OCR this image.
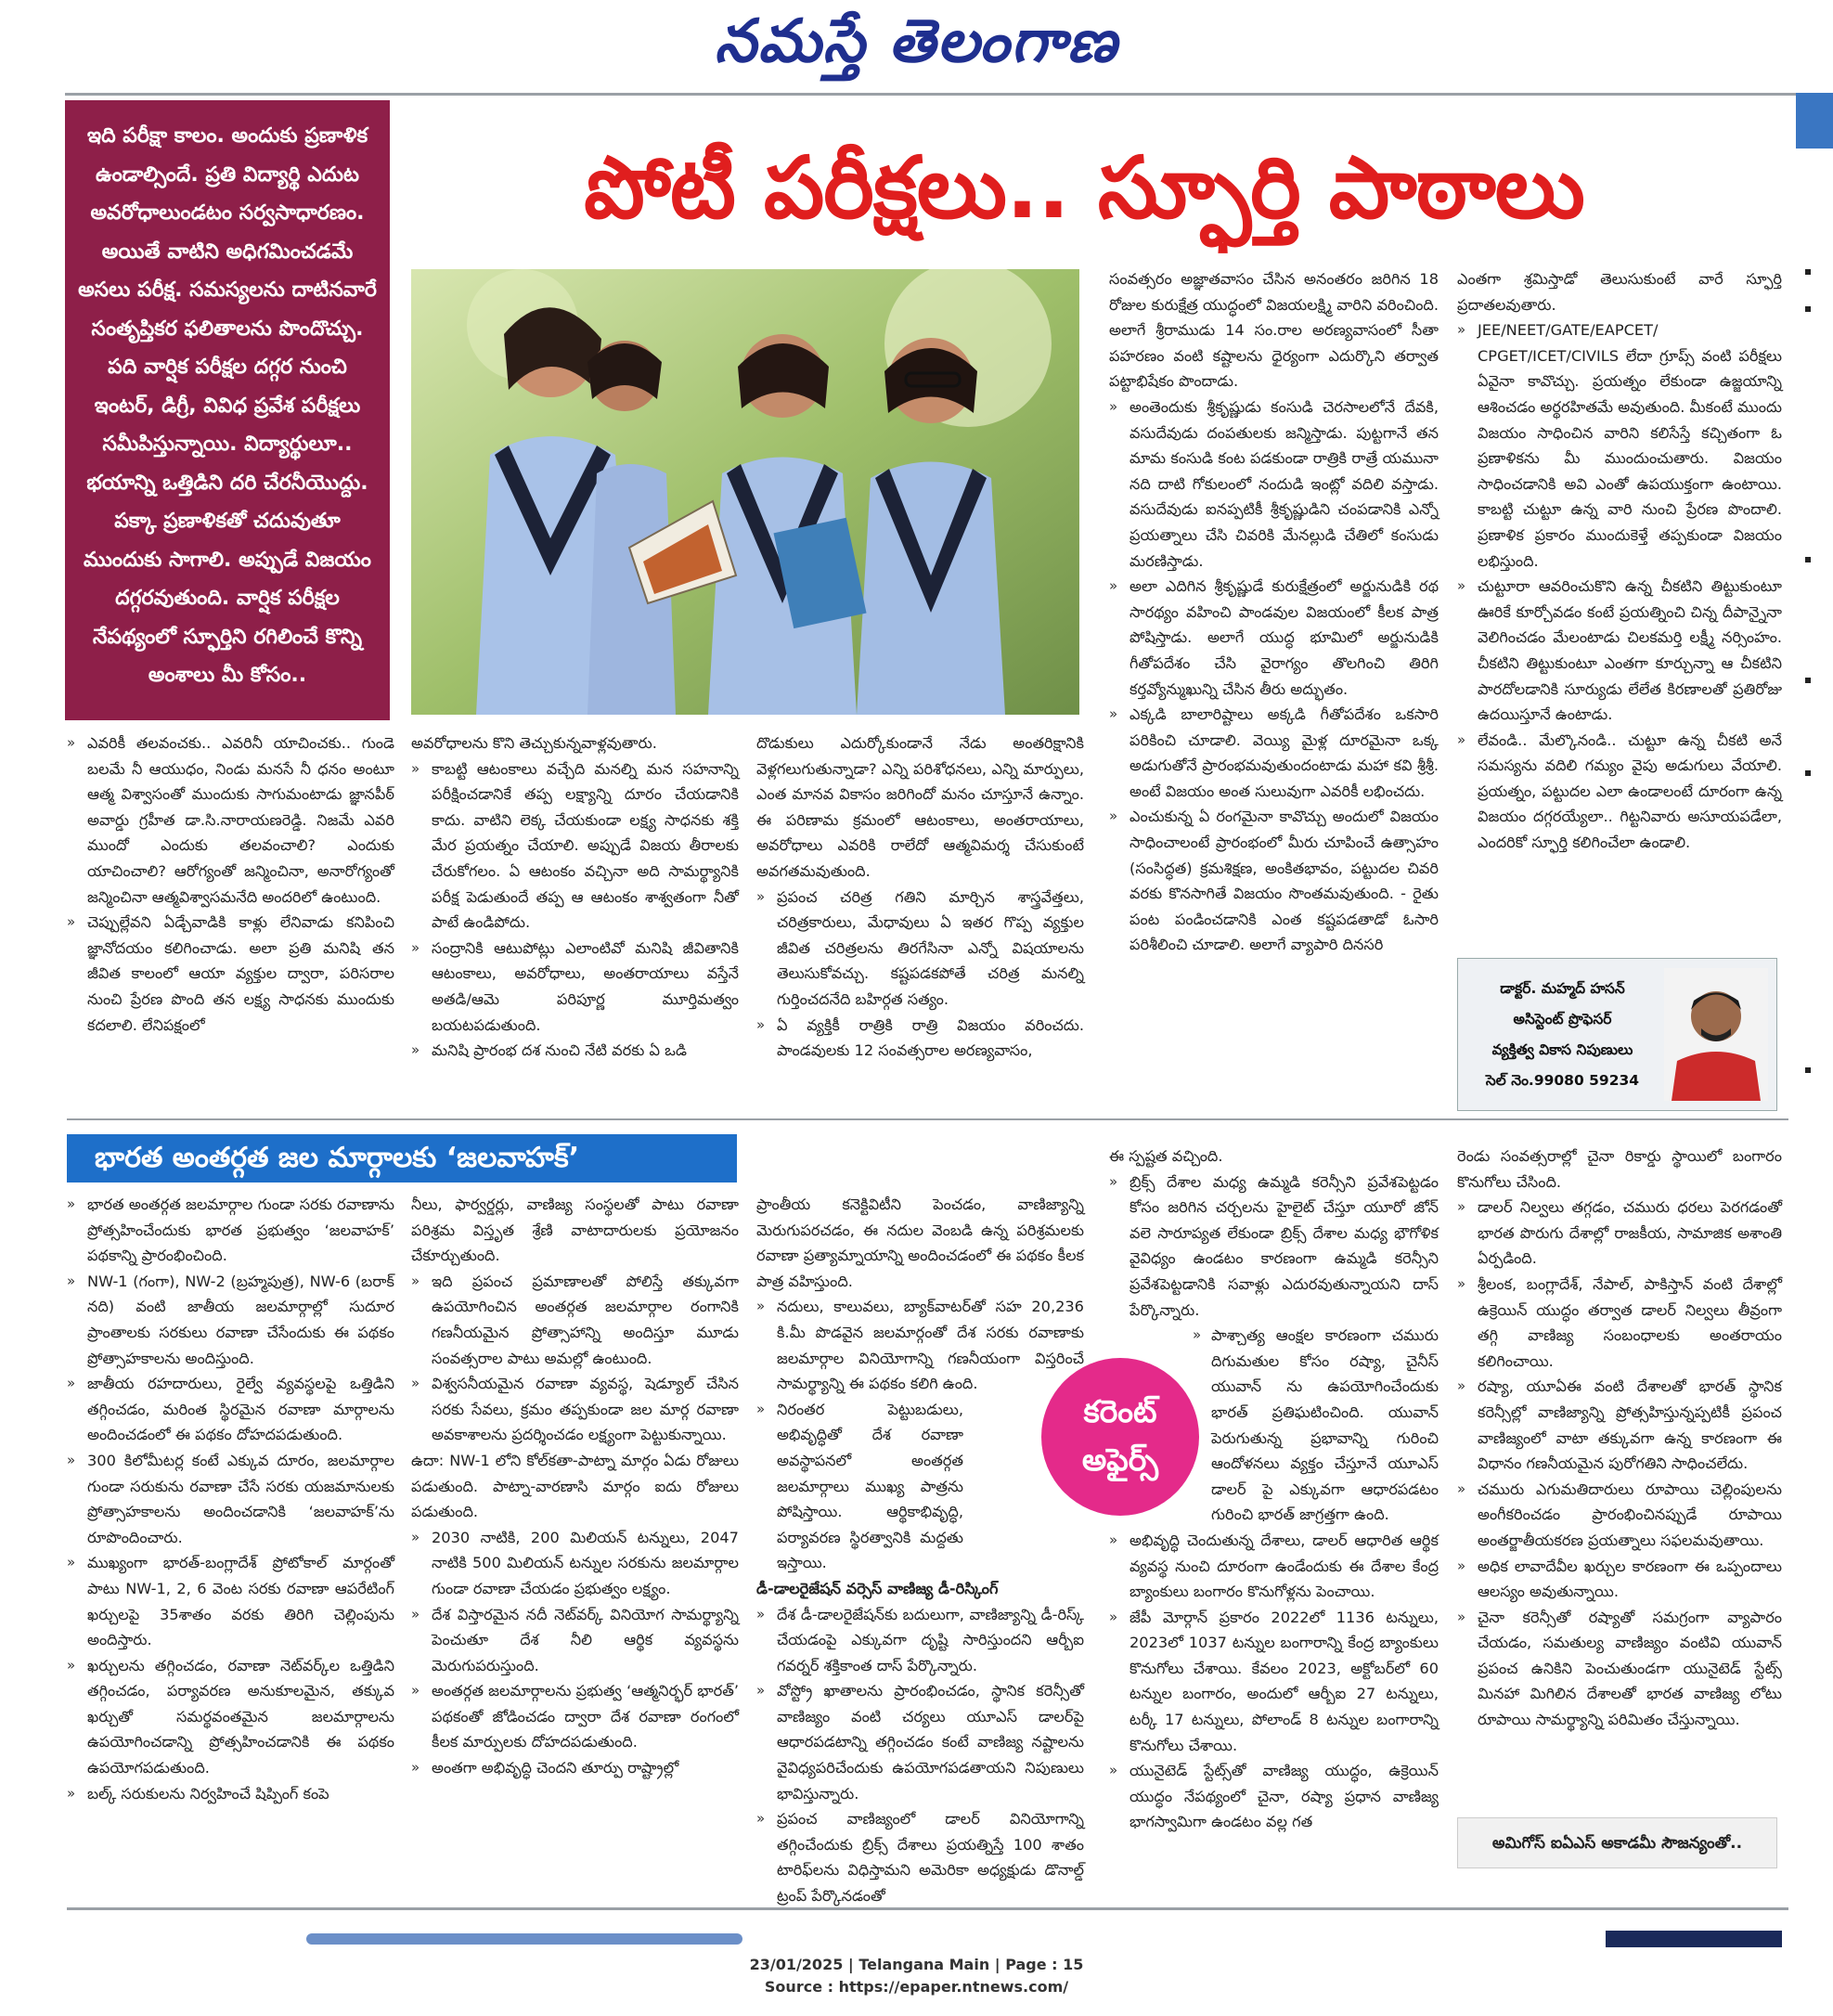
నమస్తే తెలంగాణ
ఇది పరీక్షా కాలం. అందుకు ప్రణాళిక ఉండాల్సిందే. ప్రతి విద్యార్థి ఎదుట అవరోధాలుండటం సర్వసాధారణం. అయితే వాటిని అధిగమించడమే అసలు పరీక్ష. సమస్యలను దాటినవారే సంతృప్తికర ఫలితాలను పొందొచ్చు. పది వార్షిక పరీక్షల దగ్గర నుంచి ఇంటర్, డిగ్రీ, వివిధ ప్రవేశ పరీక్షలు సమీపిస్తున్నాయి. విద్యార్థులూ.. భయాన్ని ఒత్తిడిని దరి చేరనీయొద్దు. పక్కా ప్రణాళికతో చదువుతూ ముందుకు సాగాలి. అప్పుడే విజయం దగ్గరవుతుంది. వార్షిక పరీక్షల నేపథ్యంలో స్ఫూర్తిని రగిలించే కొన్ని అంశాలు మీ కోసం..
పోటీ పరీక్షలు.. స్ఫూర్తి పాఠాలు
» ఎవరికీ తలవంచకు.. ఎవరినీ యాచించకు.. గుండె బలమే నీ ఆయుధం, నిండు మనసే నీ ధనం అంటూ ఆత్మ విశ్వాసంతో ముందుకు సాగుమంటాడు జ్ఞానపీఠ్ అవార్డు గ్రహీత డా.సి.నారాయణరెడ్డి. నిజమే ఎవరి ముందో ఎందుకు తలవంచాలి? ఎందుకు యాచించాలి? ఆరోగ్యంతో జన్మించినా, అనారోగ్యంతో జన్మించినా ఆత్మవిశ్వాసమనేది అందరిలో ఉంటుంది.
» చెప్పుల్లేవని ఏడ్చేవాడికి కాళ్లు లేనివాడు కనిపించి జ్ఞానోదయం కలిగించాడు. అలా ప్రతి మనిషి తన జీవిత కాలంలో ఆయా వ్యక్తుల ద్వారా, పరిసరాల నుంచి ప్రేరణ పొంది తన లక్ష్య సాధనకు ముందుకు కదలాలి. లేనిపక్షంలో

అవరోధాలను కొని తెచ్చుకున్నవాళ్లవుతారు.

» కాబట్టి ఆటంకాలు వచ్చేది మనల్ని మన సహనాన్ని పరీక్షించడానికే తప్ప లక్ష్యాన్ని దూరం చేయడానికి కాదు. వాటిని లెక్క చేయకుండా లక్ష్య సాధనకు శక్తి మేర ప్రయత్నం చేయాలి. అప్పుడే విజయ తీరాలకు చేరుకోగలం. ఏ ఆటంకం వచ్చినా అది సామర్థ్యానికి పరీక్ష పెడుతుందే తప్ప ఆ ఆటంకం శాశ్వతంగా నీతో పాటే ఉండిపోదు.
» సంద్రానికి ఆటుపోట్లు ఎలాంటివో మనిషి జీవితానికి ఆటంకాలు, అవరోధాలు, అంతరాయాలు వస్తేనే అతడి/ఆమె పరిపూర్ణ మూర్తిమత్వం బయటపడుతుంది.
» మనిషి ప్రారంభ దశ నుంచి నేటి వరకు ఏ ఒడి

దొడుకులు ఎదుర్కోకుండానే నేడు అంతరిక్షానికి వెళ్లగలుగుతున్నాడా? ఎన్ని పరిశోధనలు, ఎన్ని మార్పులు, ఎంత మానవ వికాసం జరిగిందో మనం చూస్తూనే ఉన్నాం. ఈ పరిణామ క్రమంలో ఆటంకాలు, అంతరాయాలు, అవరోధాలు ఎవరికి రాలేదో ఆత్మవిమర్శ చేసుకుంటే అవగతమవుతుంది.

» ప్రపంచ చరిత్ర గతిని మార్చిన శాస్త్రవేత్తలు, చరిత్రకారులు, మేధావులు ఏ ఇతర గొప్ప వ్యక్తుల జీవిత చరిత్రలను తిరగేసినా ఎన్నో విషయాలను తెలుసుకోవచ్చు. కష్టపడకపోతే చరిత్ర మనల్ని గుర్తించదనేది బహిర్గత సత్యం.
» ఏ వ్యక్తికీ రాత్రికి రాత్రి విజయం వరించదు. పాండవులకు 12 సంవత్సరాల అరణ్యవాసం,

సంవత్సరం అజ్ఞాతవాసం చేసిన అనంతరం జరిగిన 18 రోజుల కురుక్షేత్ర యుద్ధంలో విజయలక్ష్మి వారిని వరించింది. అలాగే శ్రీరాముడు 14 సం.రాల అరణ్యవాసంలో సీతా పహరణం వంటి కష్టాలను ధైర్యంగా ఎదుర్కొని తర్వాత పట్టాభిషేకం పొందాడు.

» అంతెందుకు శ్రీకృష్ణుడు కంసుడి చెరసాలలోనే దేవకి, వసుదేవుడు దంపతులకు జన్మిస్తాడు. పుట్టగానే తన మామ కంసుడి కంట పడకుండా రాత్రికి రాత్రే యమునా నది దాటి గోకులంలో నందుడి ఇంట్లో వదిలి వస్తాడు. వసుదేవుడు ఐనప్పటికీ శ్రీకృష్ణుడిని చంపడానికి ఎన్నో ప్రయత్నాలు చేసి చివరికి మేనల్లుడి చేతిలో కంసుడు మరణిస్తాడు.
» అలా ఎదిగిన శ్రీకృష్ణుడే కురుక్షేత్రంలో అర్జునుడికి రథ సారథ్యం వహించి పాండవుల విజయంలో కీలక పాత్ర పోషిస్తాడు. అలాగే యుద్ధ భూమిలో అర్జునుడికి గీతోపదేశం చేసి వైరాగ్యం తొలగించి తిరిగి కర్తవ్యోన్ముఖున్ని చేసిన తీరు అద్భుతం.
» ఎక్కడి బాలారిష్టాలు అక్కడి గీతోపదేశం ఒకసారి పరికించి చూడాలి. వెయ్యి మైళ్ల దూరమైనా ఒక్క అడుగుతోనే ప్రారంభమవుతుందంటాడు మహా కవి శ్రీశ్రీ. అంటే విజయం అంత సులువుగా ఎవరికీ లభించదు.
» ఎంచుకున్న ఏ రంగమైనా కావొచ్చు అందులో విజయం సాధించాలంటే ప్రారంభంలో మీరు చూపించే ఉత్సాహం (సంసిద్ధత) క్రమశిక్షణ, అంకితభావం, పట్టుదల చివరి వరకు కొనసాగితే విజయం సొంతమవుతుంది. - రైతు పంట పండించడానికి ఎంత కష్టపడతాడో ఓసారి పరిశీలించి చూడాలి. అలాగే వ్యాపారి దినసరి

ఎంతగా శ్రమిస్తాడో తెలుసుకుంటే వారే స్ఫూర్తి ప్రదాతలవుతారు.

» JEE/NEET/GATE/EAPCET/ CPGET/ICET/CIVILS లేదా గ్రూప్స్ వంటి పరీక్షలు ఏవైనా కావొచ్చు. ప్రయత్నం లేకుండా ఉజ్జయాన్ని ఆశించడం అర్థరహితమే అవుతుంది. మీకంటే ముందు విజయం సాధించిన వారిని కలిసేస్తే కచ్చితంగా ఓ ప్రణాళికను మీ ముందుంచుతారు. విజయం సాధించడానికి అవి ఎంతో ఉపయుక్తంగా ఉంటాయి. కాబట్టి చుట్టూ ఉన్న వారి నుంచి ప్రేరణ పొందాలి. ప్రణాళిక ప్రకారం ముందుకెళ్తే తప్పకుండా విజయం లభిస్తుంది.
» చుట్టూరా ఆవరించుకొని ఉన్న చీకటిని తిట్టుకుంటూ ఊరికే కూర్చోవడం కంటే ప్రయత్నించి చిన్న దీపాన్నైనా వెలిగించడం మేలంటాడు చిలకమర్తి లక్ష్మీ నర్సింహం. చీకటిని తిట్టుకుంటూ ఎంతగా కూర్చున్నా ఆ చీకటిని పారదోలడానికి సూర్యుడు లేలేత కిరణాలతో ప్రతిరోజు ఉదయిస్తూనే ఉంటాడు.
» లేవండి.. మేల్కొనండి.. చుట్టూ ఉన్న చీకటి అనే సమస్యను వదిలి గమ్యం వైపు అడుగులు వేయాలి. ప్రయత్నం, పట్టుదల ఎలా ఉండాలంటే దూరంగా ఉన్న విజయం దగ్గరయ్యేలా.. గిట్టనివారు అసూయపడేలా, ఎందరికో స్ఫూర్తి కలిగించేలా ఉండాలి.
డాక్టర్. మహ్మద్ హసన్
అసిస్టెంట్ ప్రొఫెసర్
వ్యక్తిత్వ వికాస నిపుణులు
సెల్ నెం.99080 59234
భారత అంతర్గత జల మార్గాలకు ‘జలవాహక్’
కరెంట్
అఫైర్స్
» భారత అంతర్గత జలమార్గాల గుండా సరకు రవాణాను ప్రోత్సహించేందుకు భారత ప్రభుత్వం ‘జలవాహక్’ పథకాన్ని ప్రారంభించింది.
» NW-1 (గంగా), NW-2 (బ్రహ్మపుత్ర), NW-6 (బరాక్ నది) వంటి జాతీయ జలమార్గాల్లో సుదూర ప్రాంతాలకు సరకులు రవాణా చేసేందుకు ఈ పథకం ప్రోత్సాహకాలను అందిస్తుంది.
» జాతీయ రహదారులు, రైల్వే వ్యవస్థలపై ఒత్తిడిని తగ్గించడం, మరింత స్థిరమైన రవాణా మార్గాలను అందించడంలో ఈ పథకం దోహదపడుతుంది.
» 300 కిలోమీటర్ల కంటే ఎక్కువ దూరం, జలమార్గాల గుండా సరుకును రవాణా చేసే సరకు యజమానులకు ప్రోత్సాహకాలను అందించడానికి ‘జలవాహక్’ను రూపొందించారు.
» ముఖ్యంగా భారత్-బంగ్లాదేశ్ ప్రోటోకాల్ మార్గంతో పాటు NW-1, 2, 6 వెంట సరకు రవాణా ఆపరేటింగ్ ఖర్చులపై 35శాతం వరకు తిరిగి చెల్లింపును అందిస్తారు.
» ఖర్చులను తగ్గించడం, రవాణా నెట్‌వర్క్‌ల ఒత్తిడిని తగ్గించడం, పర్యావరణ అనుకూలమైన, తక్కువ ఖర్చుతో సమర్థవంతమైన జలమార్గాలను ఉపయోగించడాన్ని ప్రోత్సహించడానికి ఈ పథకం ఉపయోగపడుతుంది.
» బల్క్ సరుకులను నిర్వహించే షిప్పింగ్ కంపె

నీలు, ఫార్వర్డర్లు, వాణిజ్య సంస్థలతో పాటు రవాణా పరిశ్రమ విస్తృత శ్రేణి వాటాదారులకు ప్రయోజనం చేకూర్చుతుంది.

» ఇది ప్రపంచ ప్రమాణాలతో పోలిస్తే తక్కువగా ఉపయోగించిన అంతర్గత జలమార్గాల రంగానికి గణనీయమైన ప్రోత్సాహాన్ని అందిస్తూ మూడు సంవత్సరాల పాటు అమల్లో ఉంటుంది.
» విశ్వసనీయమైన రవాణా వ్యవస్థ, షెడ్యూల్ చేసిన సరకు సేవలు, క్రమం తప్పకుండా జల మార్గ రవాణా అవకాశాలను ప్రదర్శించడం లక్ష్యంగా పెట్టుకున్నాయి.

ఉదా: NW-1 లోని కోల్‌కతా-పాట్నా మార్గం ఏడు రోజులు పడుతుంది. పాట్నా-వారణాసి మార్గం ఐదు రోజులు పడుతుంది.

» 2030 నాటికి, 200 మిలియన్ టన్నులు, 2047 నాటికి 500 మిలియన్ టన్నుల సరకును జలమార్గాల గుండా రవాణా చేయడం ప్రభుత్వం లక్ష్యం.
» దేశ విస్తారమైన నదీ నెట్‌వర్క్ వినియోగ సామర్థ్యాన్ని పెంచుతూ దేశ నీలి ఆర్థిక వ్యవస్థను మెరుగుపరుస్తుంది.
» అంతర్గత జలమార్గాలను ప్రభుత్వ ‘ఆత్మనిర్భర్ భారత్’ పథకంతో జోడించడం ద్వారా దేశ రవాణా రంగంలో కీలక మార్పులకు దోహదపడుతుంది.
» అంతగా అభివృద్ధి చెందని తూర్పు రాష్ట్రాల్లో

ప్రాంతీయ కనెక్టివిటీని పెంచడం, వాణిజ్యాన్ని మెరుగుపరచడం, ఈ నదుల వెంబడి ఉన్న పరిశ్రమలకు రవాణా ప్రత్యామ్నాయాన్ని అందించడంలో ఈ పథకం కీలక పాత్ర వహిస్తుంది.

» నదులు, కాలువలు, బ్యాక్‌వాటర్‌తో సహ 20,236 కి.మీ పొడవైన జలమార్గంతో దేశ సరకు రవాణాకు జలమార్గాల వినియోగాన్ని గణనీయంగా విస్తరించే సామర్థ్యాన్ని ఈ పథకం కలిగి ఉంది.
» నిరంతర పెట్టుబడులు, అభివృద్ధితో దేశ రవాణా అవస్థాపనలో అంతర్గత జలమార్గాలు ముఖ్య పాత్రను పోషిస్తాయి. ఆర్థికాభివృద్ధి, పర్యావరణ స్థిరత్వానికి మద్దతు ఇస్తాయి.

డీ-డాలరైజేషన్ వర్సెస్ వాణిజ్య డీ-రిస్కింగ్

» దేశ డీ-డాలరైజేషన్‌కు బదులుగా, వాణిజ్యాన్ని డీ-రిస్క్ చేయడంపై ఎక్కువగా దృష్టి సారిస్తుందని ఆర్బీఐ గవర్నర్ శక్తికాంత దాస్ పేర్కొన్నారు.
» వోస్ట్రో ఖాతాలను ప్రారంభించడం, స్థానిక కరెన్సీతో వాణిజ్యం వంటి చర్యలు యూఎస్ డాలర్‌పై ఆధారపడటాన్ని తగ్గించడం కంటే వాణిజ్య నష్టాలను వైవిధ్యపరిచేందుకు ఉపయోగపడతాయని నిపుణులు భావిస్తున్నారు.
» ప్రపంచ వాణిజ్యంలో డాలర్ వినియోగాన్ని తగ్గించేందుకు బ్రిక్స్ దేశాలు ప్రయత్నిస్తే 100 శాతం టారిఫ్‌లను విధిస్తామని అమెరికా అధ్యక్షుడు డొనాల్డ్ ట్రంప్ పేర్కొనడంతో

ఈ స్పష్టత వచ్చింది.

» బ్రిక్స్ దేశాల మధ్య ఉమ్మడి కరెన్సీని ప్రవేశపెట్టడం కోసం జరిగిన చర్చలను హైలైట్ చేస్తూ యూరో జోన్ వలె సారూప్యత లేకుండా బ్రిక్స్ దేశాల మధ్య భౌగోళిక వైవిధ్యం ఉండటం కారణంగా ఉమ్మడి కరెన్సీని ప్రవేశపెట్టడానికి సవాళ్లు ఎదురవుతున్నాయని దాస్ పేర్కొన్నారు.
» పాశ్చాత్య ఆంక్షల కారణంగా చమురు దిగుమతుల కోసం రష్యా, చైనీస్ యువాన్ ను ఉపయోగించేందుకు భారత్ ప్రతిఘటించింది. యువాన్ పెరుగుతున్న ప్రభావాన్ని గురించి ఆందోళనలు వ్యక్తం చేస్తూనే యూఎస్ డాలర్ పై ఎక్కువగా ఆధారపడటం గురించి భారత్ జాగ్రత్తగా ఉంది.
» అభివృద్ధి చెందుతున్న దేశాలు, డాలర్ ఆధారిత ఆర్థిక వ్యవస్థ నుంచి దూరంగా ఉండేందుకు ఈ దేశాల కేంద్ర బ్యాంకులు బంగారం కొనుగోళ్లను పెంచాయి.
» జేపీ మోర్గాన్ ప్రకారం 2022లో 1136 టన్నులు, 2023లో 1037 టన్నుల బంగారాన్ని కేంద్ర బ్యాంకులు కొనుగోలు చేశాయి. కేవలం 2023, అక్టోబర్‌లో 60 టన్నుల బంగారం, అందులో ఆర్బీఐ 27 టన్నులు, టర్కీ 17 టన్నులు, పోలాండ్ 8 టన్నుల బంగారాన్ని కొనుగోలు చేశాయి.
» యునైటెడ్ స్టేట్స్‌తో వాణిజ్య యుద్ధం, ఉక్రెయిన్ యుద్ధం నేపథ్యంలో చైనా, రష్యా ప్రధాన వాణిజ్య భాగస్వామిగా ఉండటం వల్ల గత

రెండు సంవత్సరాల్లో చైనా రికార్డు స్థాయిలో బంగారం కొనుగోలు చేసింది.

» డాలర్ నిల్వలు తగ్గడం, చమురు ధరలు పెరగడంతో భారత పొరుగు దేశాల్లో రాజకీయ, సామాజిక అశాంతి ఏర్పడింది.
» శ్రీలంక, బంగ్లాదేశ్, నేపాల్, పాకిస్తాన్ వంటి దేశాల్లో ఉక్రెయిన్ యుద్ధం తర్వాత డాలర్ నిల్వలు తీవ్రంగా తగ్గి వాణిజ్య సంబంధాలకు అంతరాయం కలిగించాయి.
» రష్యా, యూఏఈ వంటి దేశాలతో భారత్ స్థానిక కరెన్సీల్లో వాణిజ్యాన్ని ప్రోత్సహిస్తున్నప్పటికీ ప్రపంచ వాణిజ్యంలో వాటా తక్కువగా ఉన్న కారణంగా ఈ విధానం గణనీయమైన పురోగతిని సాధించలేదు.
» చమురు ఎగుమతిదారులు రూపాయి చెల్లింపులను అంగీకరించడం ప్రారంభించినప్పుడే రూపాయి అంతర్జాతీయకరణ ప్రయత్నాలు సఫలమవుతాయి.
» అధిక లావాదేవీల ఖర్చుల కారణంగా ఈ ఒప్పందాలు ఆలస్యం అవుతున్నాయి.
» చైనా కరెన్సీతో రష్యాతో సమగ్రంగా వ్యాపారం చేయడం, సమతుల్య వాణిజ్యం వంటివి యువాన్ ప్రపంచ ఉనికిని పెంచుతుండగా యునైటెడ్ స్టేట్స్ మినహా మిగిలిన దేశాలతో భారత వాణిజ్య లోటు రూపాయి సామర్థ్యాన్ని పరిమితం చేస్తున్నాయి.
అమిగోస్ ఐఏఎస్ అకాడమీ సౌజన్యంతో..
23/01/2025 | Telangana Main | Page : 15
Source : https://epaper.ntnews.com/
